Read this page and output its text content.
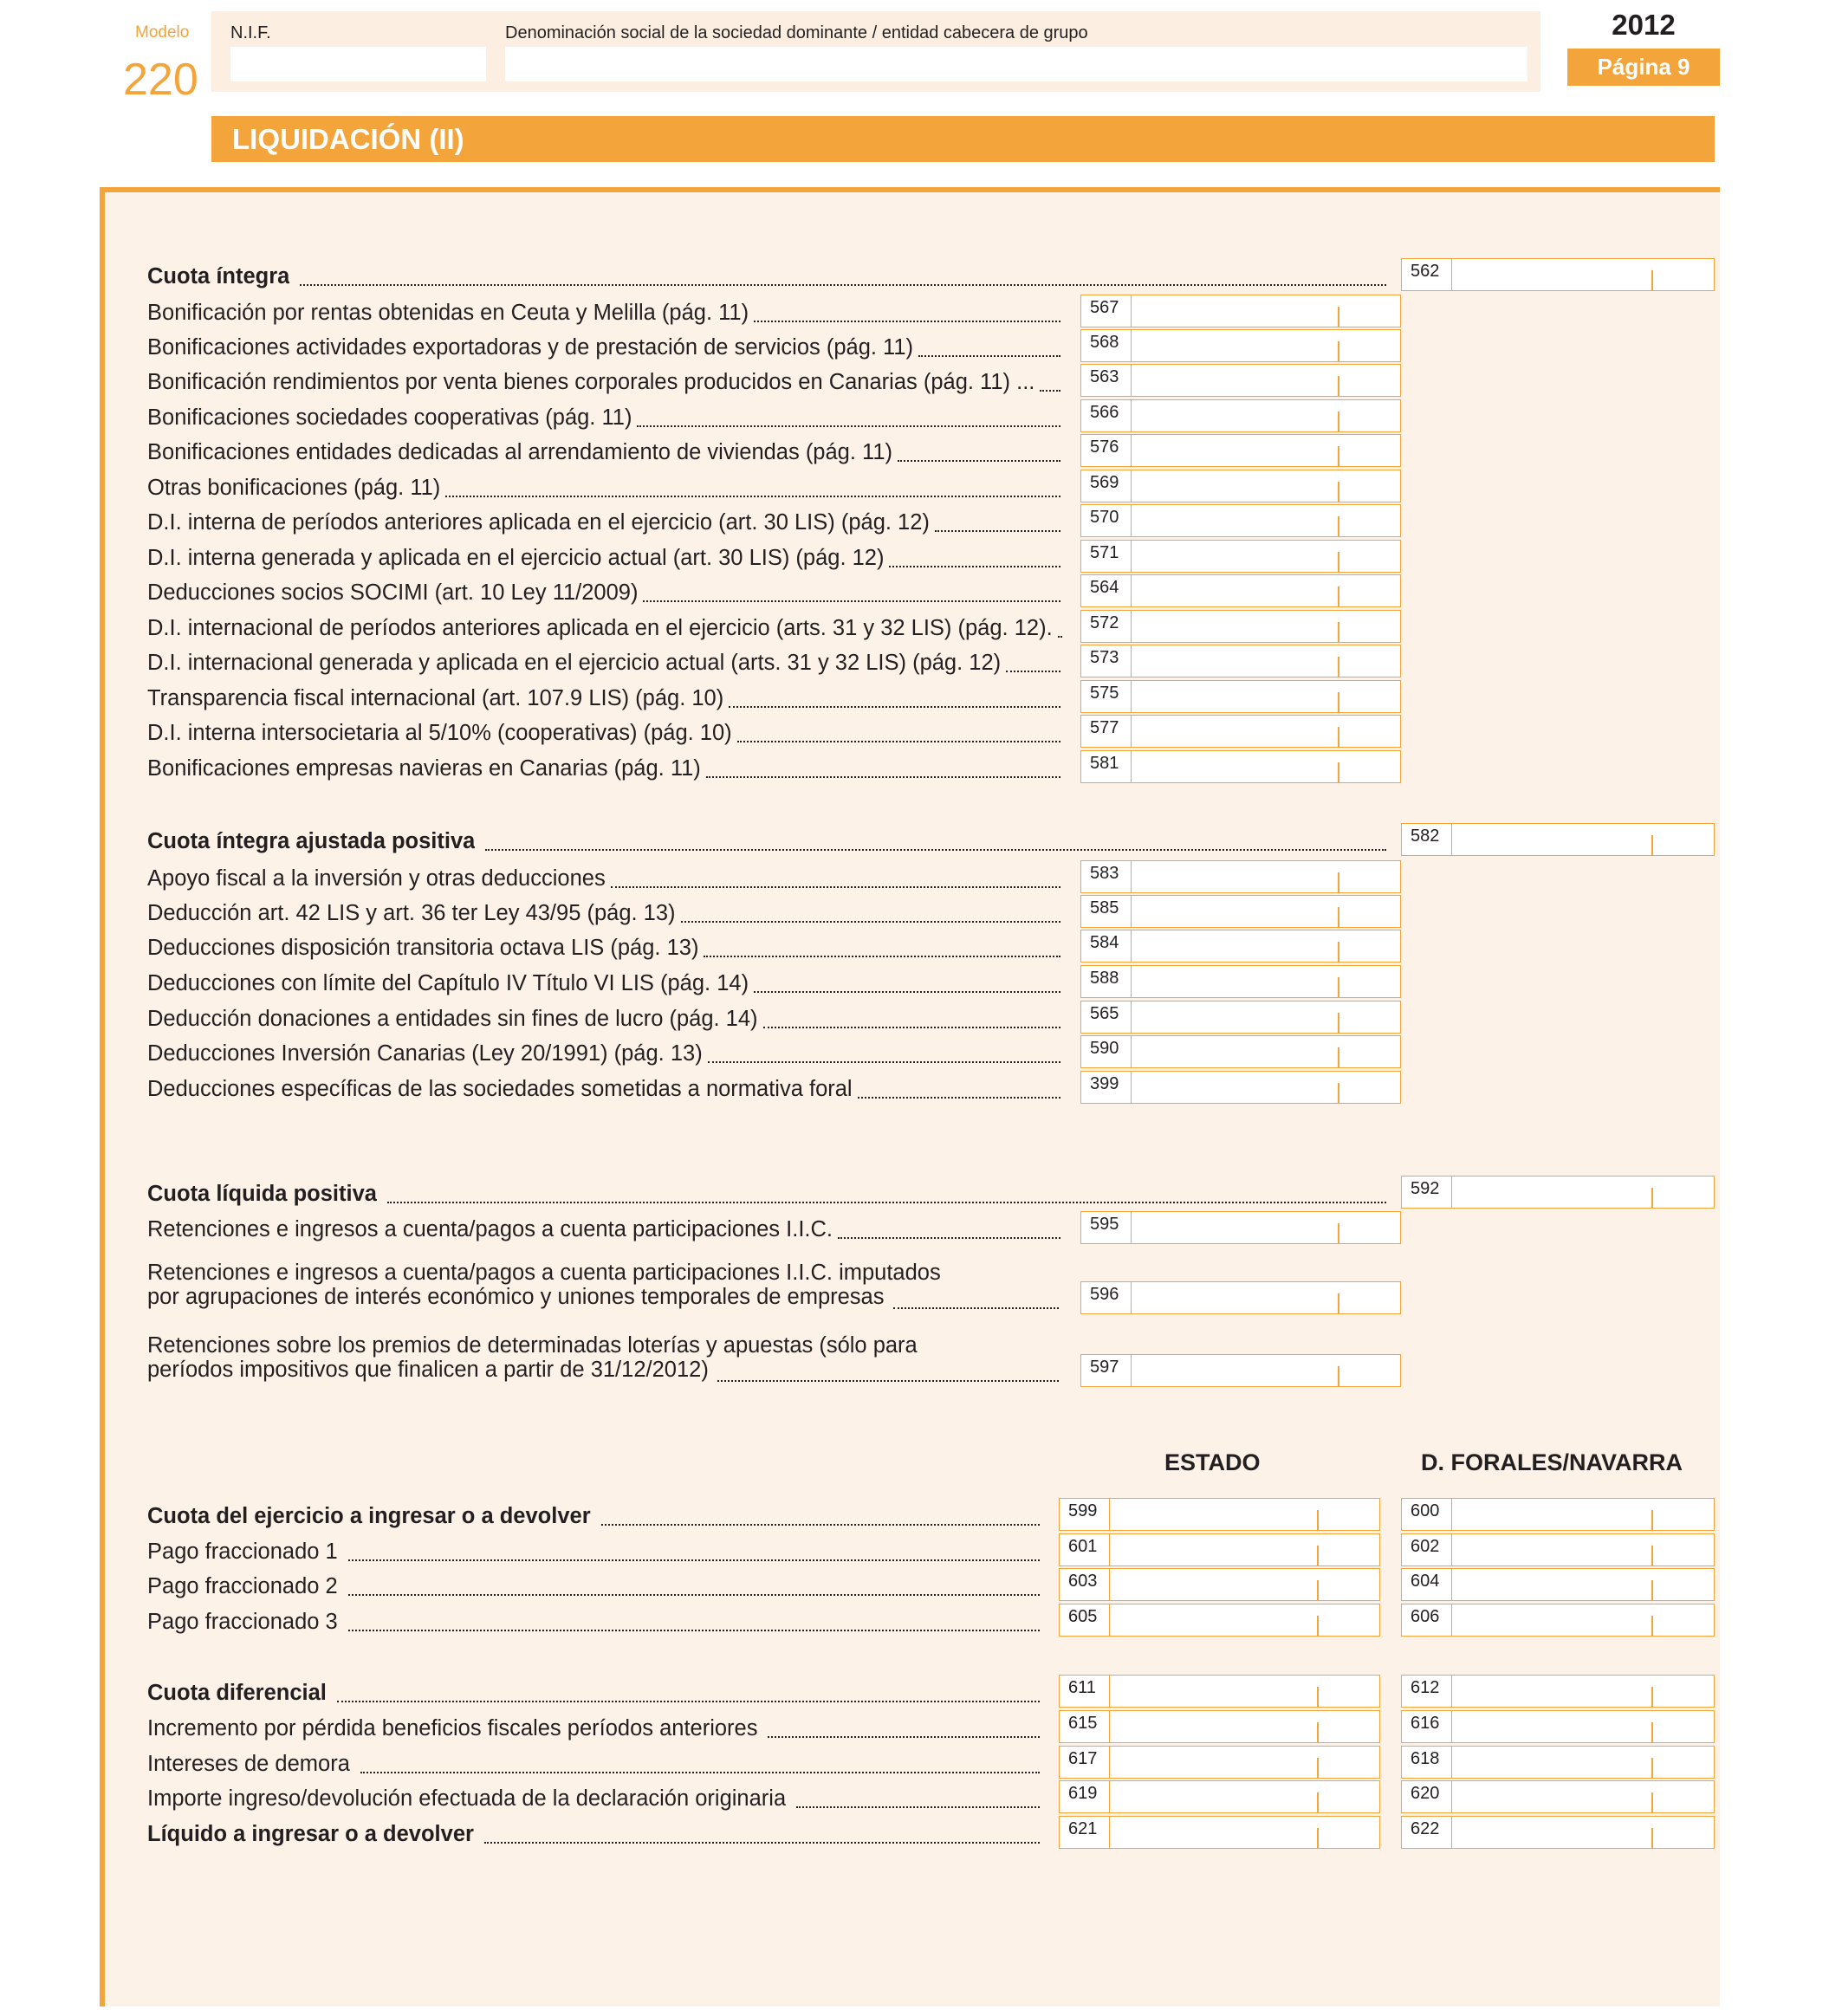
Modelo
220
N.I.F.	Denominación social de la sociedad dominante / entidad cabecera de grupo	2012
Página 9
LIQUIDACIÓN (II)
Cuota íntegra	562
Bonificación por rentas obtenidas en Ceuta y Melilla (pág. 11)	567
Bonificaciones actividades exportadoras y de prestación de servicios (pág. 11)	568
Bonificación rendimientos por venta bienes corporales producidos en Canarias (pág. 11) ...	563
Bonificaciones sociedades cooperativas (pág. 11)	566
Bonificaciones entidades dedicadas al arrendamiento de viviendas (pág. 11)	576
Otras bonificaciones (pág. 11)	569
D.I. interna de períodos anteriores aplicada en el ejercicio (art. 30 LIS) (pág. 12)	570
D.I. interna generada y aplicada en el ejercicio actual (art. 30 LIS) (pág. 12)	571
Deducciones socios SOCIMI (art. 10 Ley 11/2009)	564
D.I. internacional de períodos anteriores aplicada en el ejercicio (arts. 31 y 32 LIS) (pág. 12).	572
D.I. internacional generada y aplicada en el ejercicio actual (arts. 31 y 32 LIS) (pág. 12)	573
Transparencia fiscal internacional (art. 107.9 LIS) (pág. 10)	575
D.I. interna intersocietaria al 5/10% (cooperativas) (pág. 10)	577
Bonificaciones empresas navieras en Canarias (pág. 11)	581
Cuota íntegra ajustada positiva	582
Apoyo fiscal a la inversión y otras deducciones	583
Deducción art. 42 LIS y art. 36 ter Ley 43/95 (pág. 13)	585
Deducciones disposición transitoria octava LIS (pág. 13)	584
Deducciones con límite del Capítulo IV Título VI LIS (pág. 14)	588
Deducción donaciones a entidades sin fines de lucro (pág. 14)	565
Deducciones Inversión Canarias (Ley 20/1991) (pág. 13)	590
Deducciones específicas de las sociedades sometidas a normativa foral	399
Cuota líquida positiva	592
Retenciones e ingresos a cuenta/pagos a cuenta participaciones I.I.C.	595
Retenciones e ingresos a cuenta/pagos a cuenta participaciones I.I.C. imputados
por agrupaciones de interés económico y uniones temporales de empresas	596
Retenciones sobre los premios de determinadas loterías y apuestas (sólo para
períodos impositivos que finalicen a partir de 31/12/2012)	597
ESTADO	D. FORALES/NAVARRA
Cuota del ejercicio a ingresar o a devolver	599	600
Pago fraccionado 1	601	602
Pago fraccionado 2	603	604
Pago fraccionado 3	605	606
Cuota diferencial	611	612
Incremento por pérdida beneficios fiscales períodos anteriores	615	616
Intereses de demora	617	618
Importe ingreso/devolución efectuada de la declaración originaria	619	620
Líquido a ingresar o a devolver	621	622
